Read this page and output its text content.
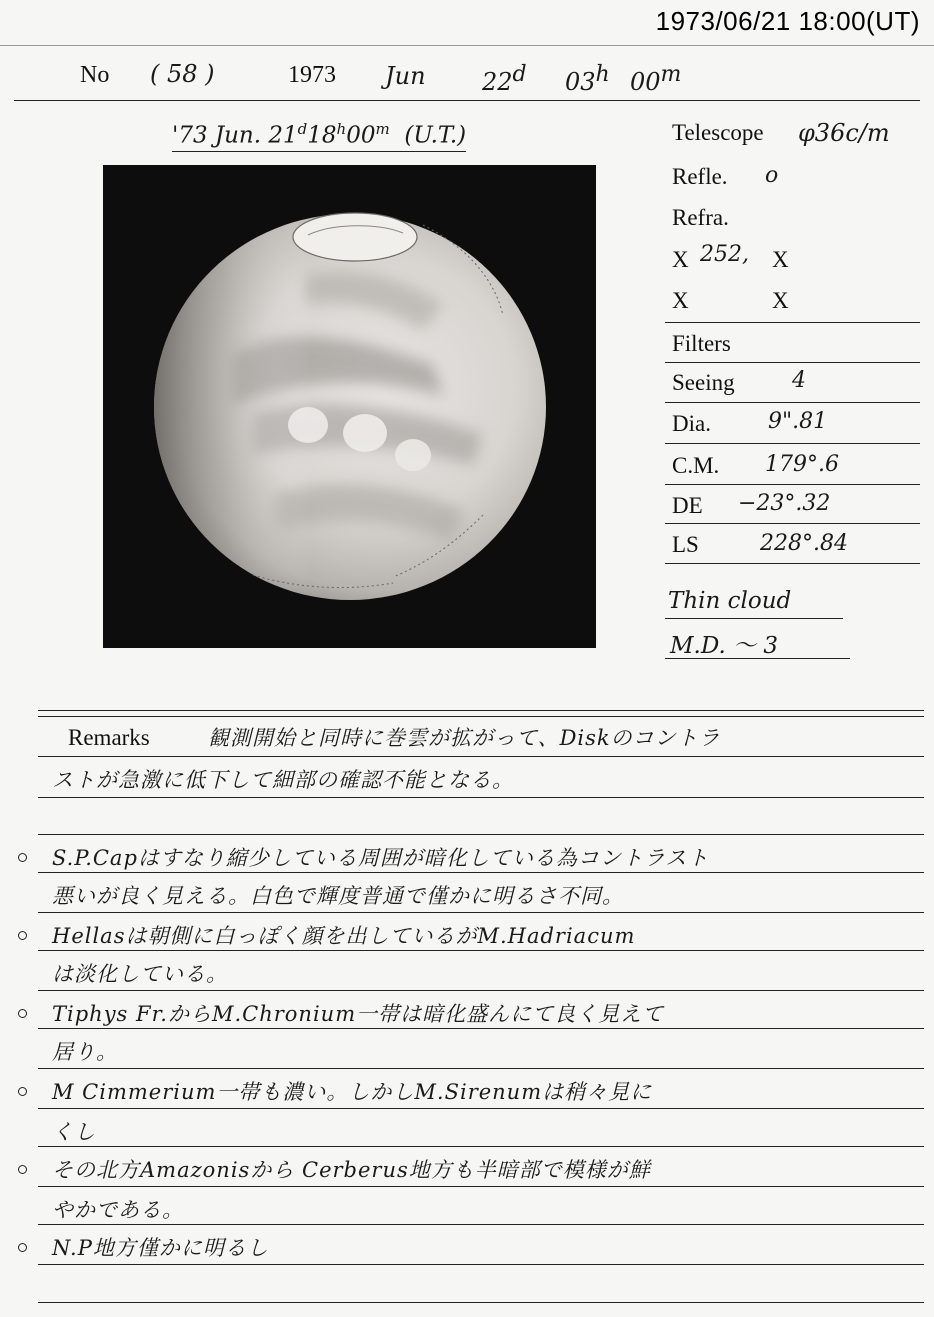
1973/06/21 18:00(UT)
No ( 58 )	1973 Jun 22$^d$ 03$^h$ 00$^m$
'73 Jun. 21$^d$18$^h$00$^m$ (U.T.)	Telescope φ36c/m
Refle. o
Refra.
X 252, X
X	X
Filters
Seeing	4
Dia.	9".81
C.M. 179°.6
DE −23°.32
LS	228°.84
Thin cloud
M.D. 〜 3
Remarks	観測開始と同時に巻雲が拡がって、Diskのコントラ
ストが急激に低下して細部の確認不能となる。
S.P.Capはすなり縮少している周囲が暗化している為コントラスト
悪いが良く見える。白色で輝度普通で僅かに明るさ不同。
Hellasは朝側に白っぽく顔を出しているがM.Hadriacum
は淡化している。
Tiphys Fr.からM.Chronium一帯は暗化盛んにて良く見えて
居り。
M Cimmerium一帯も濃い。しかしM.Sirenumは稍々見に
くし
その北方Amazonisから Cerberus地方も半暗部で模様が鮮
やかである。
N.P地方僅かに明るし
